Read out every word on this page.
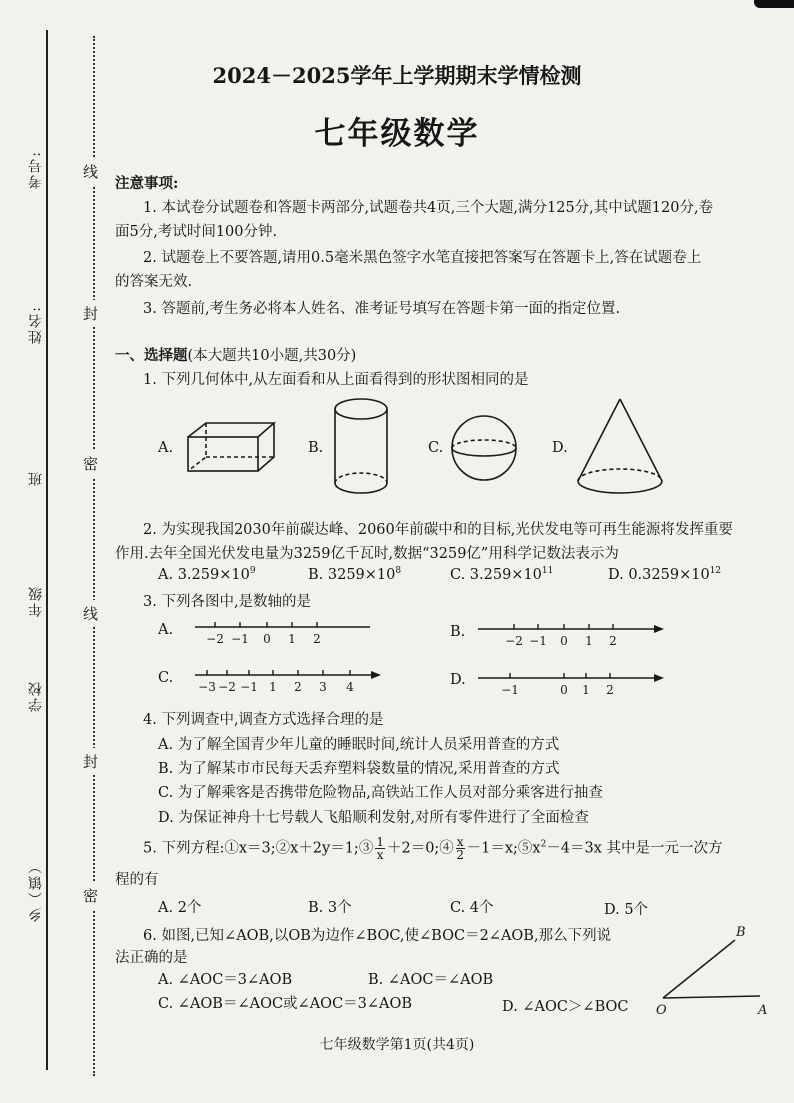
考号:
姓名:
班
年级
学校
乡（镇）
线
封
密
线
封
密
2024－2025学年上学期期末学情检测
七年级数学
注意事项:
1. 本试卷分试题卷和答题卡两部分,试题卷共4页,三个大题,满分125分,其中试题120分,卷
面5分,考试时间100分钟.
2. 试题卷上不要答题,请用0.5毫米黑色签字水笔直接把答案写在答题卡上,答在试题卷上
的答案无效.
3. 答题前,考生务必将本人姓名、准考证号填写在答题卡第一面的指定位置.
一、选择题(本大题共10小题,共30分)
1. 下列几何体中,从左面看和从上面看得到的形状图相同的是
A.	B.	C.	D.
2. 为实现我国2030年前碳达峰、2060年前碳中和的目标,光伏发电等可再生能源将发挥重要
作用.去年全国光伏发电量为3259亿千瓦时,数据“3259亿”用科学记数法表示为
A. $3.259\times 10^9$	B. $3259\times 10^8$	C. $3.259\times 10^{11}$	D. $0.3259\times 10^{12}$
3. 下列各图中,是数轴的是
A.	B.
C.	D.
−2 −1 0 1 2	−2 −1 0 1 2
−3 −2 −1 1 2 3 4	−1	0 1 2
4. 下列调查中,调查方式选择合理的是
A. 为了解全国青少年儿童的睡眠时间,统计人员采用普查的方式
B. 为了解某市市民每天丢弃塑料袋数量的情况,采用普查的方式
C. 为了解乘客是否携带危险物品,高铁站工作人员对部分乘客进行抽查
D. 为保证神舟十七号载人飞船顺利发射,对所有零件进行了全面检查
5. 下列方程:①x＝3;②x＋2y＝1;③ $\frac{1}{x}$ ＋2＝0;④ $\frac{x}{2}$ $-1=x;⑤x^2-4=3x$ 其中是一元一次方
程的有
A. 2个	B. 3个	C. 4个	D. 5个
6. 如图,已知∠AOB,以OB为边作∠BOC,使∠BOC＝2∠AOB,那么下列说
法正确的是
A. ∠AOC＝3∠AOB	B. ∠AOC＝∠AOB
C. ∠AOB＝∠AOC或∠AOC＝3∠AOB	D. ∠AOC＞∠BOC
B
O	A
七年级数学第1页(共4页)
